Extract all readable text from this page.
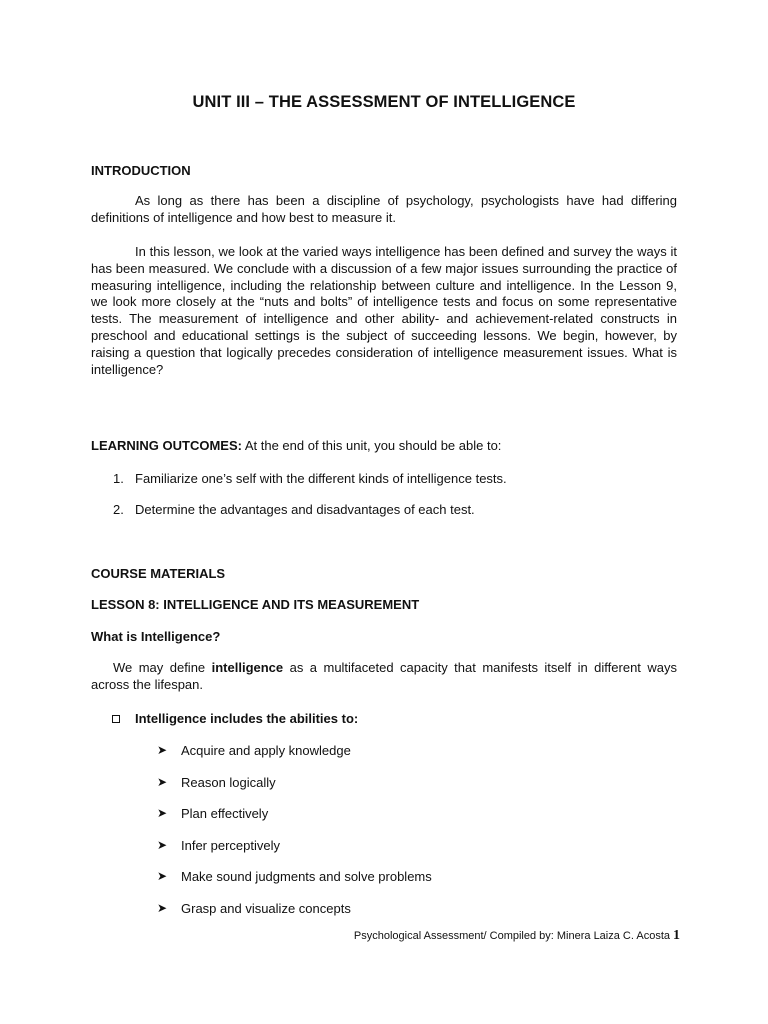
UNIT III – THE ASSESSMENT OF INTELLIGENCE
INTRODUCTION
As long as there has been a discipline of psychology, psychologists have had differing definitions of intelligence and how best to measure it.
In this lesson, we look at the varied ways intelligence has been defined and survey the ways it has been measured. We conclude with a discussion of a few major issues surrounding the practice of measuring intelligence, including the relationship between culture and intelligence. In the Lesson 9, we look more closely at the “nuts and bolts” of intelligence tests and focus on some representative tests. The measurement of intelligence and other ability- and achievement-related constructs in preschool and educational settings is the subject of succeeding lessons. We begin, however, by raising a question that logically precedes consideration of intelligence measurement issues. What is intelligence?
LEARNING OUTCOMES: At the end of this unit, you should be able to:
1. Familiarize one’s self with the different kinds of intelligence tests.
2. Determine the advantages and disadvantages of each test.
COURSE MATERIALS
LESSON 8: INTELLIGENCE AND ITS MEASUREMENT
What is Intelligence?
We may define intelligence as a multifaceted capacity that manifests itself in different ways across the lifespan.
Intelligence includes the abilities to:
➤ Acquire and apply knowledge
➤ Reason logically
➤ Plan effectively
➤ Infer perceptively
➤ Make sound judgments and solve problems
➤ Grasp and visualize concepts
Psychological Assessment/ Compiled by: Minera Laiza C. Acosta 1
